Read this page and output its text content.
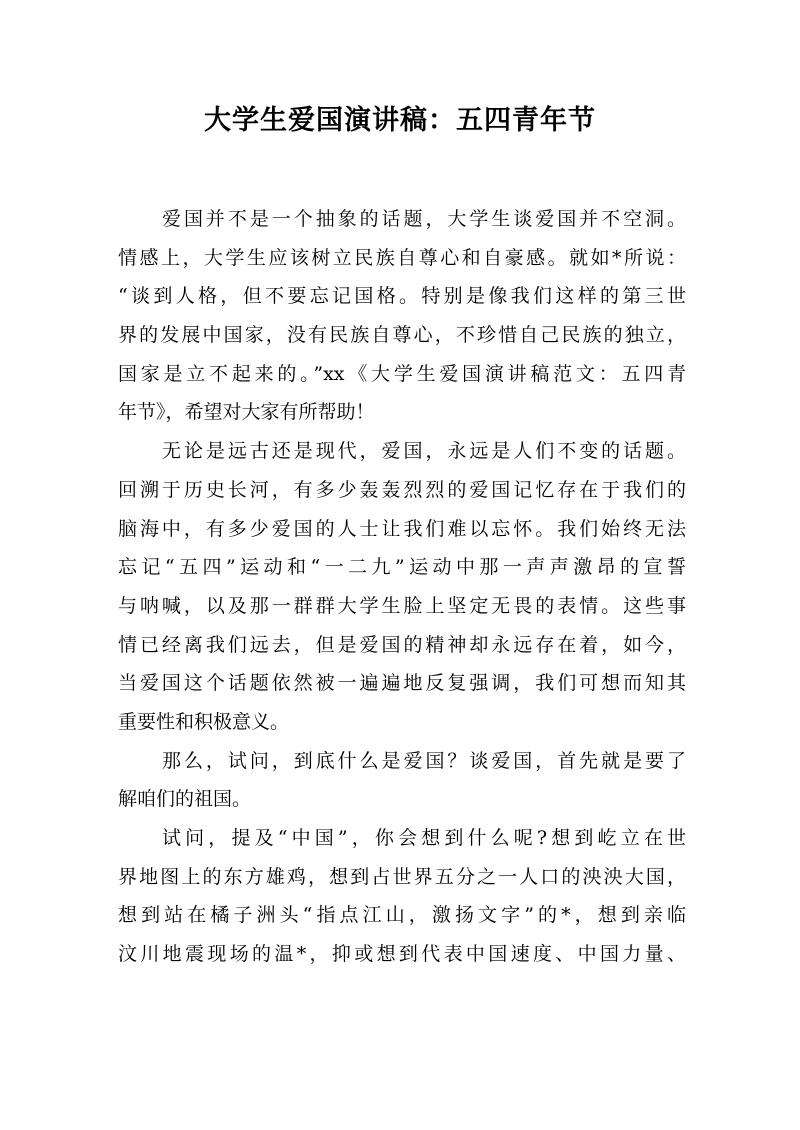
大学生爱国演讲稿：五四青年节

爱国并不是一个抽象的话题，大学生谈爱国并不空洞。
情感上，大学生应该树立民族自尊心和自豪感。就如*所说：
“谈到人格，但不要忘记国格。特别是像我们这样的第三世
界的发展中国家，没有民族自尊心，不珍惜自己民族的独立，
国家是立不起来的。”xx《大学生爱国演讲稿范文：五四青
年节》，希望对大家有所帮助！

无论是远古还是现代，爱国，永远是人们不变的话题。
回溯于历史长河，有多少轰轰烈烈的爱国记忆存在于我们的
脑海中，有多少爱国的人士让我们难以忘怀。我们始终无法
忘记“五四”运动和“一二九”运动中那一声声激昂的宣誓
与呐喊，以及那一群群大学生脸上坚定无畏的表情。这些事
情已经离我们远去，但是爱国的精神却永远存在着，如今，
当爱国这个话题依然被一遍遍地反复强调，我们可想而知其
重要性和积极意义。

那么，试问，到底什么是爱国？谈爱国，首先就是要了
解咱们的祖国。

试问，提及“中国”，你会想到什么呢?想到屹立在世
界地图上的东方雄鸡，想到占世界五分之一人口的泱泱大国，
想到站在橘子洲头“指点江山，激扬文字”的*，想到亲临
汶川地震现场的温*，抑或想到代表中国速度、中国力量、
